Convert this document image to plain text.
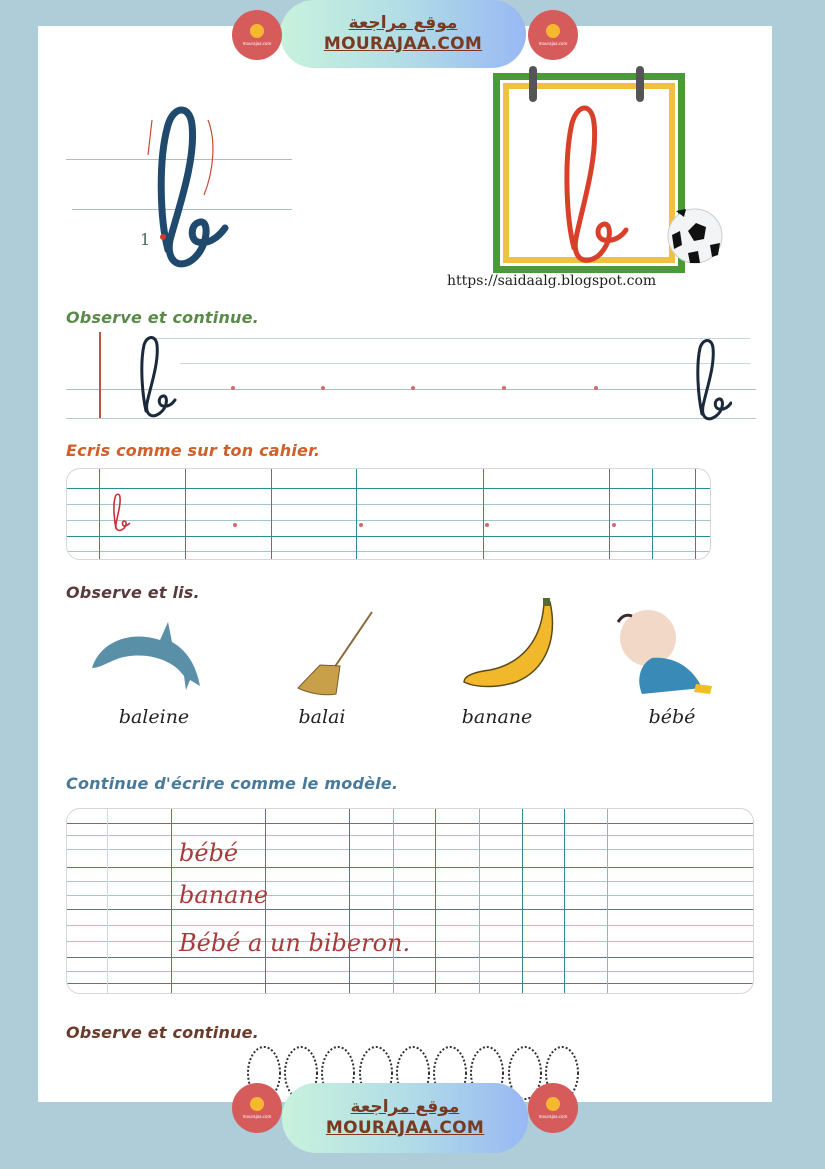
mourajaa.com
موقع مراجعة
MOURAJAA.COM	mourajaa.com
1
https://saidaalg.blogspot.com
Observe et continue.
Ecris comme sur ton cahier.
Observe et lis.
baleine	balai	banane	bébé
Continue d'écrire comme le modèle.
bébé
banane
Bébé a un biberon.
Observe et continue.
mourajaa.com	موقع مراجعة
MOURAJAA.COM
mourajaa.com
